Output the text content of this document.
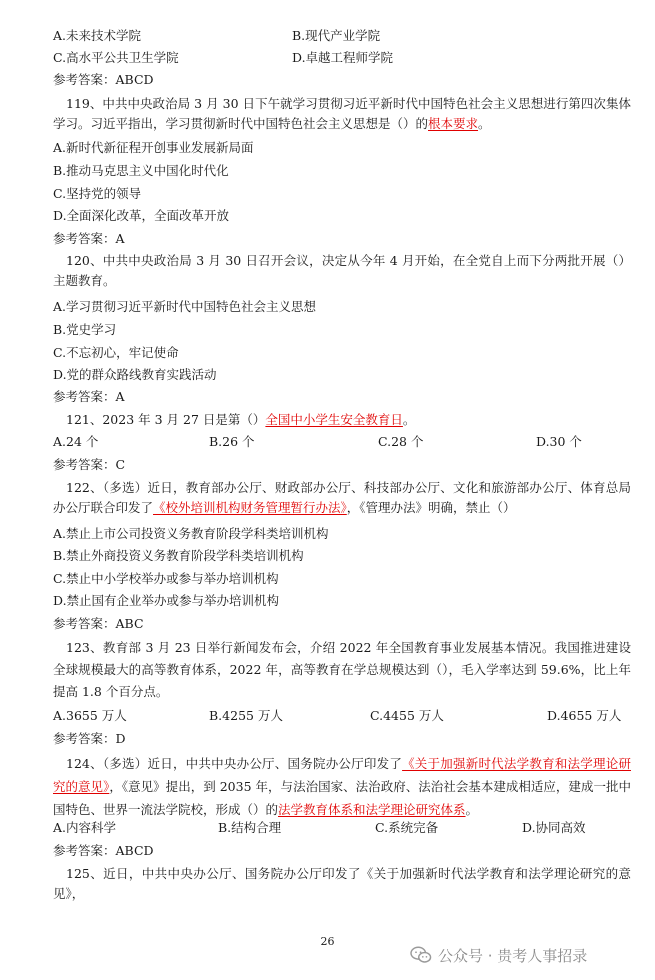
A.未来技术学院	B.现代产业学院
C.高水平公共卫生学院	D.卓越工程师学院
参考答案：ABCD
119、中共中央政治局 3 月 30 日下午就学习贯彻习近平新时代中国特色社会主义思想进行第四次集体学习。习近平指出，学习贯彻新时代中国特色社会主义思想是（）的根本要求。
A.新时代新征程开创事业发展新局面
B.推动马克思主义中国化时代化
C.坚持党的领导
D.全面深化改革，全面改革开放
参考答案：A
120、中共中央政治局 3 月 30 日召开会议，决定从今年 4 月开始，在全党自上而下分两批开展（）主题教育。
A.学习贯彻习近平新时代中国特色社会主义思想
B.党史学习
C.不忘初心，牢记使命
D.党的群众路线教育实践活动
参考答案：A
121、2023 年 3 月 27 日是第（）全国中小学生安全教育日。
A.24 个	B.26 个	C.28 个	D.30 个
参考答案：C
122、（多选）近日，教育部办公厅、财政部办公厅、科技部办公厅、文化和旅游部办公厅、体育总局办公厅联合印发了《校外培训机构财务管理暂行办法》，《管理办法》明确，禁止（）
A.禁止上市公司投资义务教育阶段学科类培训机构
B.禁止外商投资义务教育阶段学科类培训机构
C.禁止中小学校举办或参与举办培训机构
D.禁止国有企业举办或参与举办培训机构
参考答案：ABC
123、教育部 3 月 23 日举行新闻发布会，介绍 2022 年全国教育事业发展基本情况。我国推进建设全球规模最大的高等教育体系，2022 年，高等教育在学总规模达到（），毛入学率达到 59.6%，比上年提高 1.8 个百分点。
A.3655 万人	B.4255 万人	C.4455 万人	D.4655 万人
参考答案：D
124、（多选）近日，中共中央办公厅、国务院办公厅印发了《关于加强新时代法学教育和法学理论研究的意见》，《意见》提出，到 2035 年，与法治国家、法治政府、法治社会基本建成相适应，建成一批中国特色、世界一流法学院校，形成（）的法学教育体系和法学理论研究体系。
A.内容科学	B.结构合理	C.系统完备	D.协同高效
参考答案：ABCD
125、近日，中共中央办公厅、国务院办公厅印发了《关于加强新时代法学教育和法学理论研究的意见》，
26
公众号 · 贵考人事招录
